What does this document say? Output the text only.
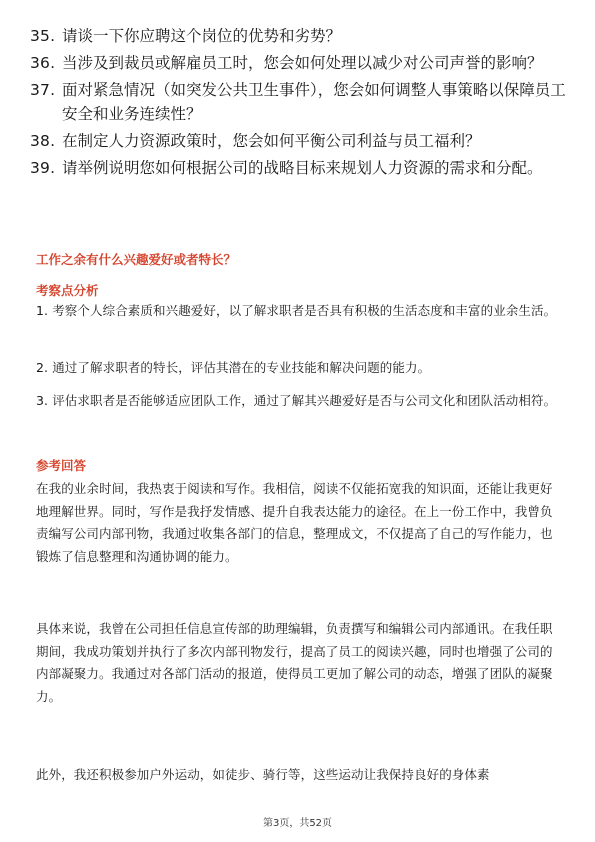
35. 请谈一下你应聘这个岗位的优势和劣势？
36. 当涉及到裁员或解雇员工时，您会如何处理以减少对公司声誉的影响？
37. 面对紧急情况（如突发公共卫生事件），您会如何调整人事策略以保障员工安全和业务连续性？
38. 在制定人力资源政策时，您会如何平衡公司利益与员工福利？
39. 请举例说明您如何根据公司的战略目标来规划人力资源的需求和分配。
工作之余有什么兴趣爱好或者特长？
考察点分析
1. 考察个人综合素质和兴趣爱好，以了解求职者是否具有积极的生活态度和丰富的业余生活。
2. 通过了解求职者的特长，评估其潜在的专业技能和解决问题的能力。
3. 评估求职者是否能够适应团队工作，通过了解其兴趣爱好是否与公司文化和团队活动相符。
参考回答
在我的业余时间，我热衷于阅读和写作。我相信，阅读不仅能拓宽我的知识面，还能让我更好地理解世界。同时，写作是我抒发情感、提升自我表达能力的途径。在上一份工作中，我曾负责编写公司内部刊物，我通过收集各部门的信息，整理成文，不仅提高了自己的写作能力，也锻炼了信息整理和沟通协调的能力。
具体来说，我曾在公司担任信息宣传部的助理编辑，负责撰写和编辑公司内部通讯。在我任职期间，我成功策划并执行了多次内部刊物发行，提高了员工的阅读兴趣，同时也增强了公司的内部凝聚力。我通过对各部门活动的报道，使得员工更加了解公司的动态，增强了团队的凝聚力。
此外，我还积极参加户外运动，如徒步、骑行等，这些运动让我保持良好的身体素
第3页，共52页
